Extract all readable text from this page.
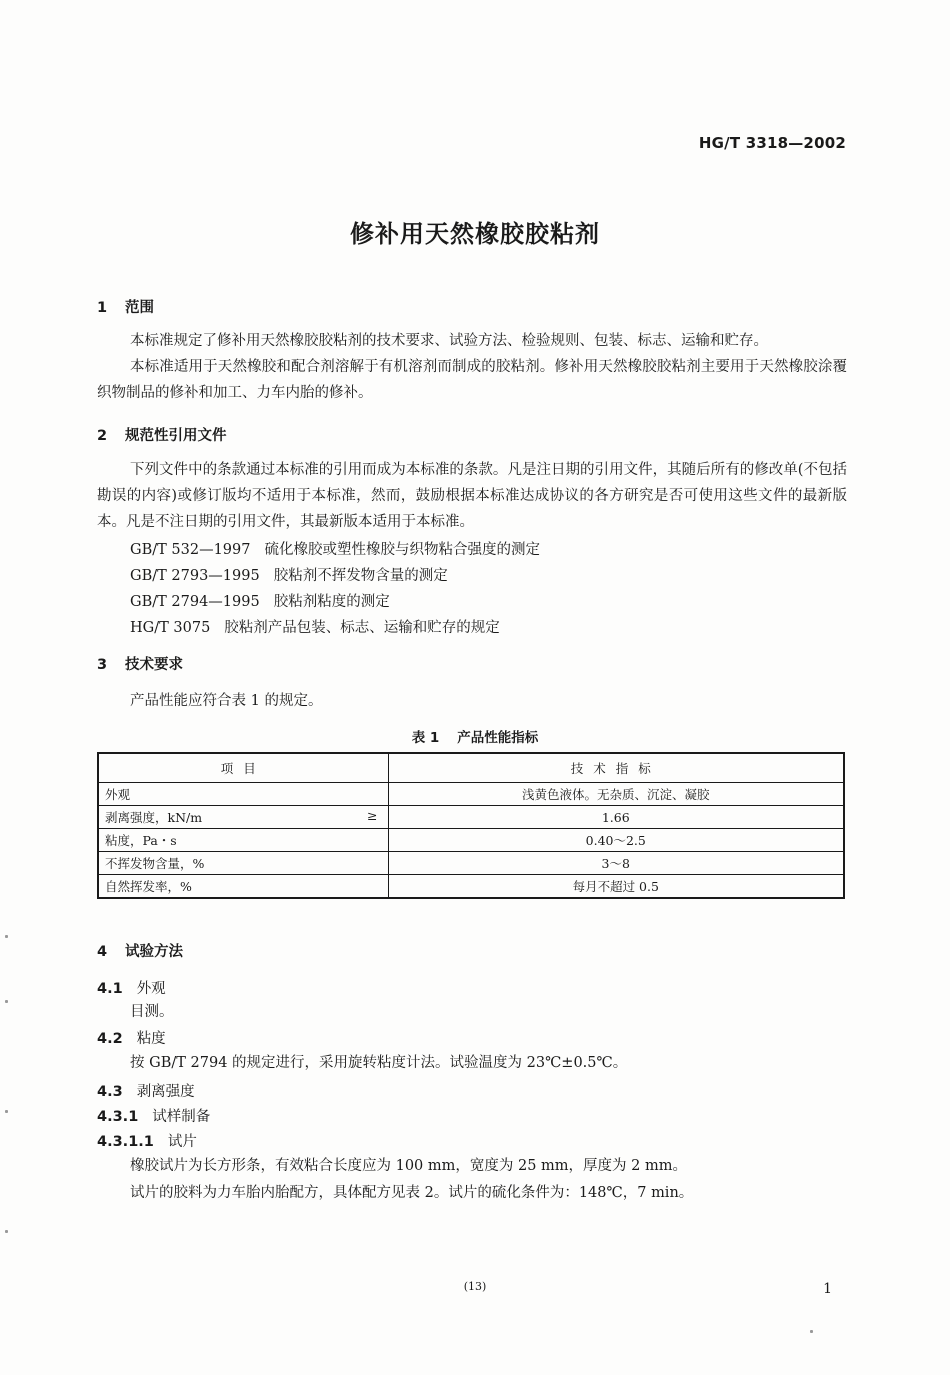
HG/T 3318—2002
修补用天然橡胶胶粘剂
1 范围
本标准规定了修补用天然橡胶胶粘剂的技术要求、试验方法、检验规则、包装、标志、运输和贮存。
本标准适用于天然橡胶和配合剂溶解于有机溶剂而制成的胶粘剂。修补用天然橡胶胶粘剂主要用于天然橡胶涂覆织物制品的修补和加工、力车内胎的修补。
2 规范性引用文件
下列文件中的条款通过本标准的引用而成为本标准的条款。凡是注日期的引用文件，其随后所有的修改单(不包括勘误的内容)或修订版均不适用于本标准，然而，鼓励根据本标准达成协议的各方研究是否可使用这些文件的最新版本。凡是不注日期的引用文件，其最新版本适用于本标准。
GB/T 532—1997 硫化橡胶或塑性橡胶与织物粘合强度的测定
GB/T 2793—1995 胶粘剂不挥发物含量的测定
GB/T 2794—1995 胶粘剂粘度的测定
HG/T 3075 胶粘剂产品包装、标志、运输和贮存的规定
3 技术要求
产品性能应符合表 1 的规定。
表 1 产品性能指标
项目	技术指标
外观	浅黄色液体。无杂质、沉淀、凝胶
剥离强度，kN/m ≥	1.66
粘度，Pa・s	0.40～2.5
不挥发物含量，%	3～8
自然挥发率，%	每月不超过 0.5
4 试验方法
4.1 外观
目测。
4.2 粘度
按 GB/T 2794 的规定进行，采用旋转粘度计法。试验温度为 23℃±0.5℃。
4.3 剥离强度
4.3.1 试样制备
4.3.1.1 试片
橡胶试片为长方形条，有效粘合长度应为 100 mm，宽度为 25 mm，厚度为 2 mm。
试片的胶料为力车胎内胎配方，具体配方见表 2。试片的硫化条件为：148℃，7 min。
(13)	1
